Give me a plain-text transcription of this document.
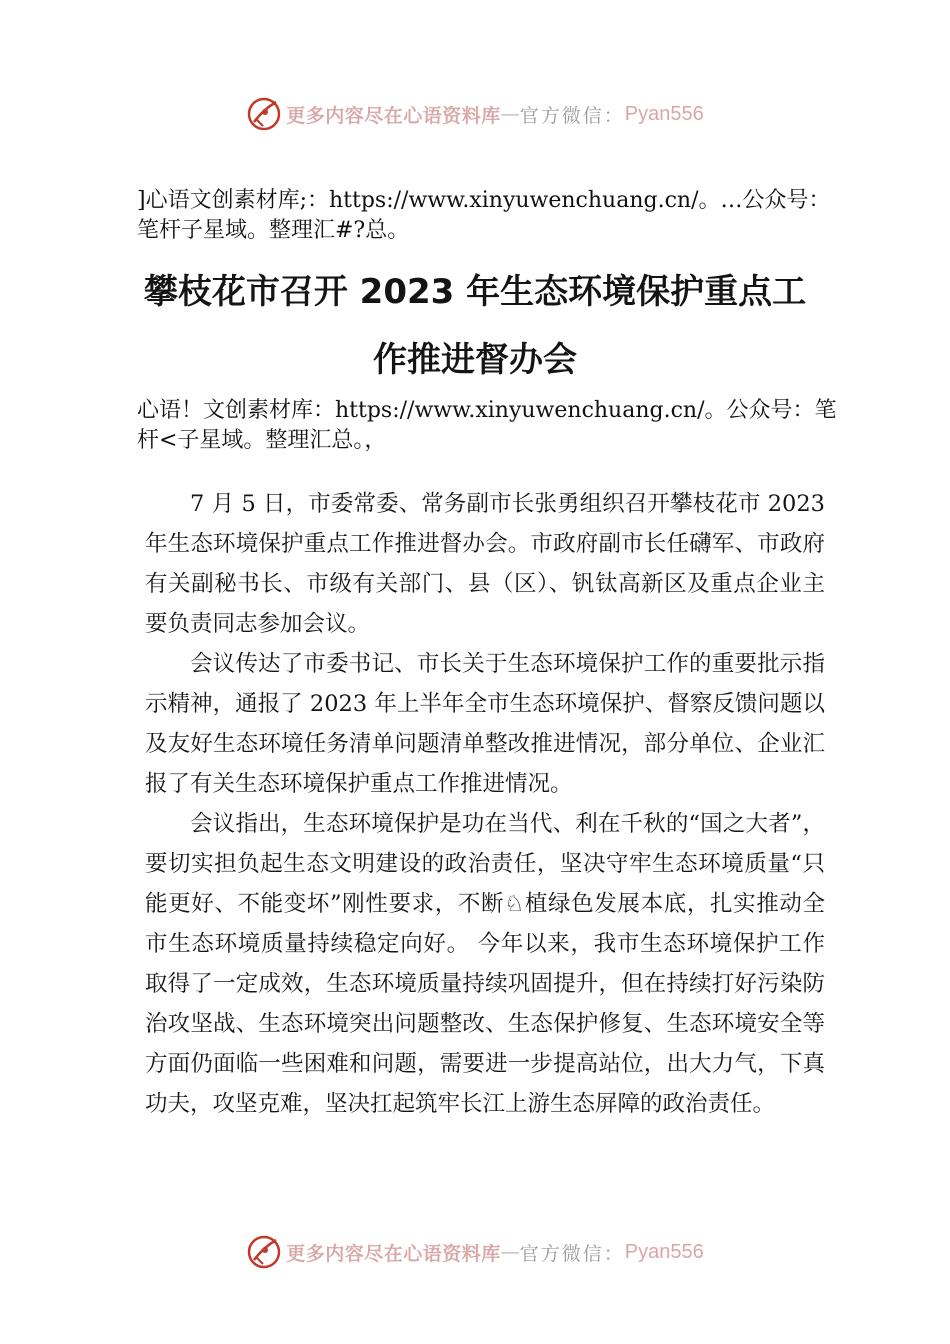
更多内容尽在心语资料库 — 官方微信： Pyan556
]心语文创素材库;：https://www.xinyuwenchuang.cn/。…公众号：笔杆子星域。整理汇#?总。
攀枝花市召开 2023 年生态环境保护重点工
作推进督办会
心语！文创素材库：https://www.xinyuwenchuang.cn/。公众号：笔杆<子星域。整理汇总。，

7 月 5 日，市委常委、常务副市长张勇组织召开攀枝花市 2023 年生态环境保护重点工作推进督办会。市政府副市长任礴军、市政府有关副秘书长、市级有关部门、县（区）、钒钛高新区及重点企业主要负责同志参加会议。

会议传达了市委书记、市长关于生态环境保护工作的重要批示指示精神，通报了 2023 年上半年全市生态环境保护、督察反馈问题以及友好生态环境任务清单问题清单整改推进情况，部分单位、企业汇报了有关生态环境保护重点工作推进情况。

会议指出，生态环境保护是功在当代、利在千秋的“国之大者”，要切实担负起生态文明建设的政治责任，坚决守牢生态环境质量“只能更好、不能变坏”刚性要求，不断♘植绿色发展本底，扎实推动全市生态环境质量持续稳定向好。 今年以来，我市生态环境保护工作取得了一定成效，生态环境质量持续巩固提升，但在持续打好污染防治攻坚战、生态环境突出问题整改、生态保护修复、生态环境安全等方面仍面临一些困难和问题，需要进一步提高站位，出大力气，下真功夫，攻坚克难，坚决扛起筑牢长江上游生态屏障的政治责任。

更多内容尽在心语资料库 — 官方微信： Pyan556
